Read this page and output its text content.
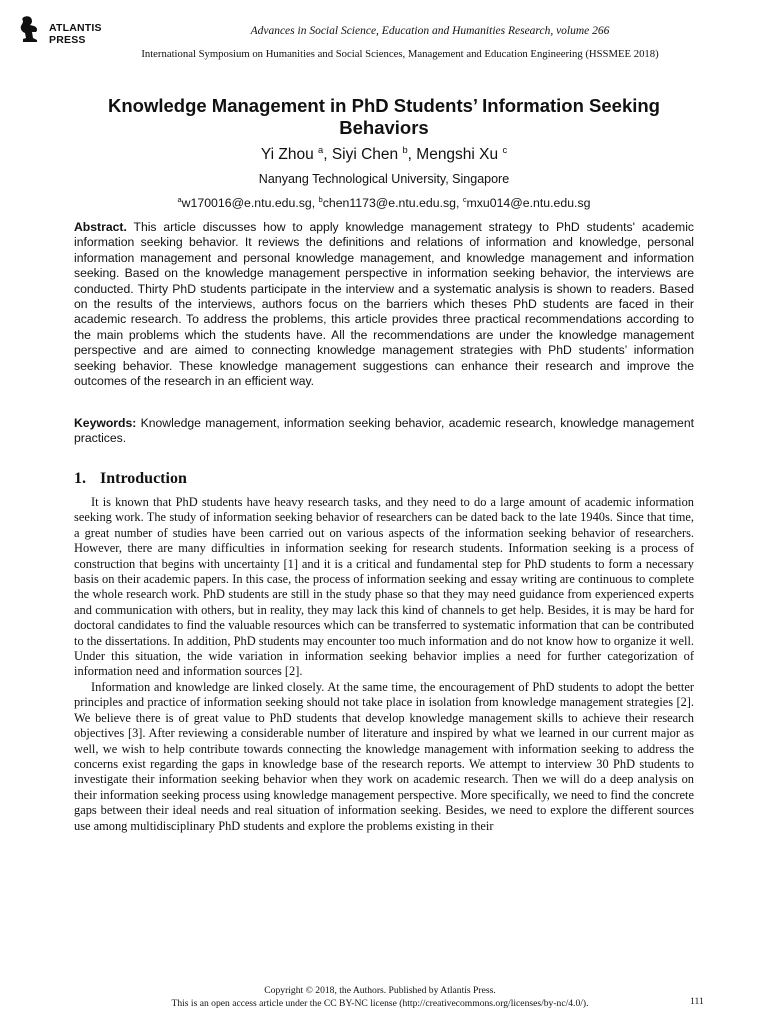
ATLANTIS
PRESS
Advances in Social Science, Education and Humanities Research, volume 266
International Symposium on Humanities and Social Sciences, Management and Education Engineering (HSSMEE 2018)
Knowledge Management in PhD Students’ Information Seeking Behaviors
Yi Zhou $^a$, Siyi Chen $^b$, Mengshi Xu $^c$
Nanyang Technological University, Singapore
$^a$w170016@e.ntu.edu.sg, $^b$chen1173@e.ntu.edu.sg, $^c$mxu014@e.ntu.edu.sg
Abstract. This article discusses how to apply knowledge management strategy to PhD students' academic information seeking behavior. It reviews the definitions and relations of information and knowledge, personal information management and personal knowledge management, and knowledge management and information seeking. Based on the knowledge management perspective in information seeking behavior, the interviews are conducted. Thirty PhD students participate in the interview and a systematic analysis is shown to readers. Based on the results of the interviews, authors focus on the barriers which theses PhD students are faced in their academic research. To address the problems, this article provides three practical recommendations according to the main problems which the students have. All the recommendations are under the knowledge management perspective and are aimed to connecting knowledge management strategies with PhD students’ information seeking behavior. These knowledge management suggestions can enhance their research and improve the outcomes of the research in an efficient way.
Keywords: Knowledge management, information seeking behavior, academic research, knowledge management practices.
1. Introduction

It is known that PhD students have heavy research tasks, and they need to do a large amount of academic information seeking work. The study of information seeking behavior of researchers can be dated back to the late 1940s. Since that time, a great number of studies have been carried out on various aspects of the information seeking behavior of researchers. However, there are many difficulties in information seeking for research students. Information seeking is a process of construction that begins with uncertainty [1] and it is a critical and fundamental step for PhD students to form a necessary basis on their academic papers. In this case, the process of information seeking and essay writing are continuous to complete the whole research work. PhD students are still in the study phase so that they may need guidance from experienced experts and communication with others, but in reality, they may lack this kind of channels to get help. Besides, it is may be hard for doctoral candidates to find the valuable resources which can be transferred to systematic information that can be contributed to the dissertations. In addition, PhD students may encounter too much information and do not know how to organize it well. Under this situation, the wide variation in information seeking behavior implies a need for further categorization of information need and information sources [2].

Information and knowledge are linked closely. At the same time, the encouragement of PhD students to adopt the better principles and practice of information seeking should not take place in isolation from knowledge management strategies [2]. We believe there is of great value to PhD students that develop knowledge management skills to achieve their research objectives [3]. After reviewing a considerable number of literature and inspired by what we learned in our current major as well, we wish to help contribute towards connecting the knowledge management with information seeking to address the concerns exist regarding the gaps in knowledge base of the research reports. We attempt to interview 30 PhD students to investigate their information seeking behavior when they work on academic research. Then we will do a deep analysis on their information seeking process using knowledge management perspective. More specifically, we need to find the concrete gaps between their ideal needs and real situation of information seeking. Besides, we need to explore the different sources use among multidisciplinary PhD students and explore the problems existing in their

Copyright © 2018, the Authors. Published by Atlantis Press.
This is an open access article under the CC BY-NC license (http://creativecommons.org/licenses/by-nc/4.0/).	111
